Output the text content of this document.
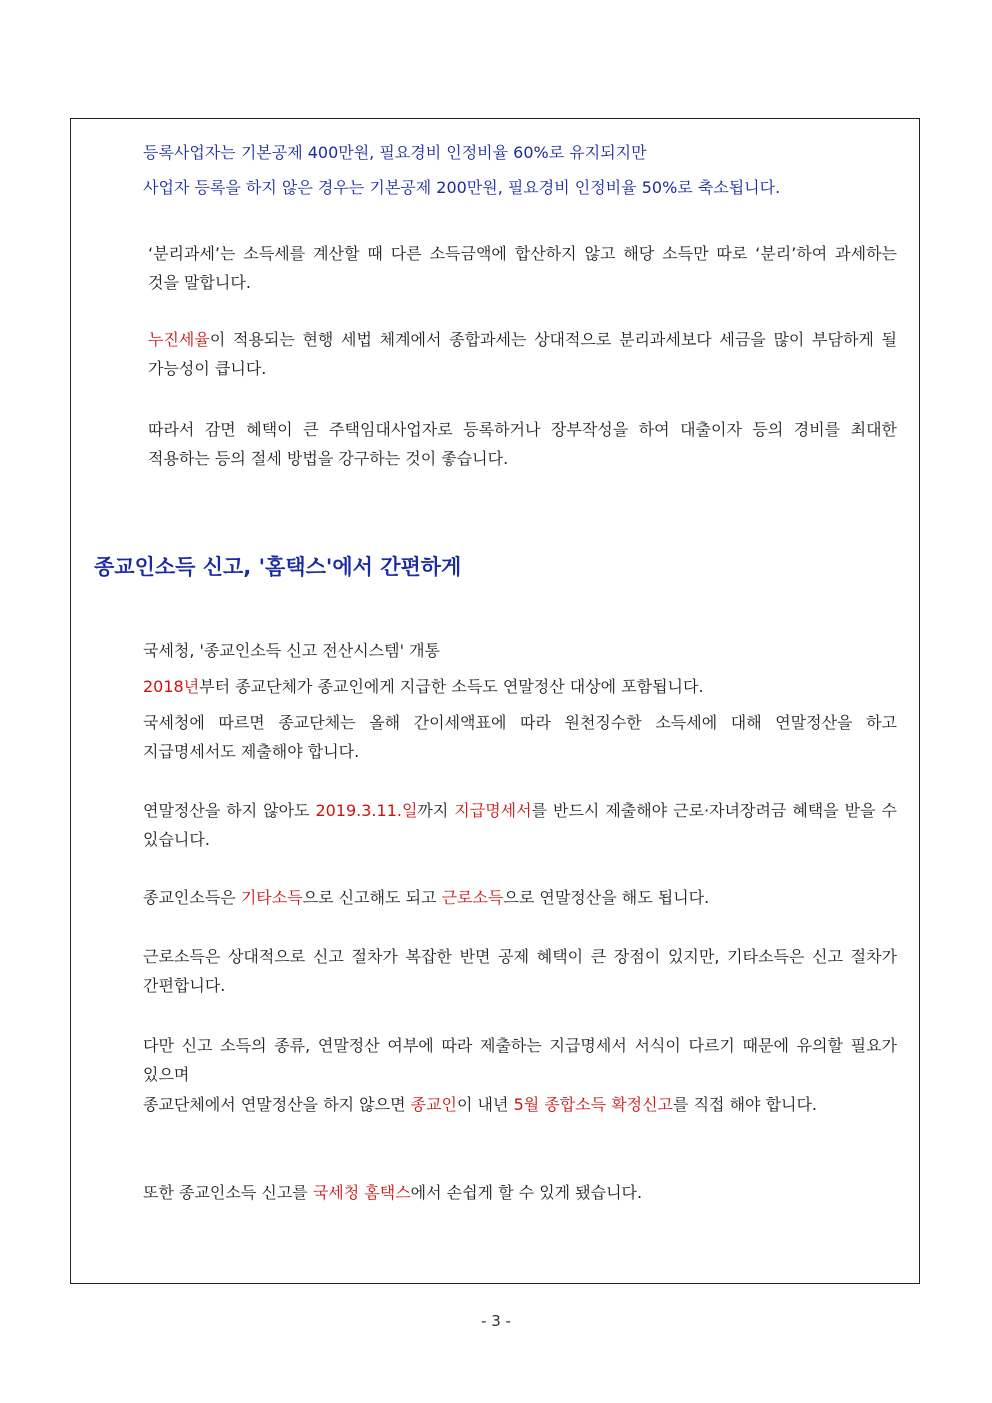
등록사업자는 기본공제 400만원, 필요경비 인정비율 60%로 유지되지만

사업자 등록을 하지 않은 경우는 기본공제 200만원, 필요경비 인정비율 50%로 축소됩니다.

‘분리과세’는 소득세를 계산할 때 다른 소득금액에 합산하지 않고 해당 소득만 따로 ‘분리’하여 과세하는 것을 말합니다.

누진세율이 적용되는 현행 세법 체계에서 종합과세는 상대적으로 분리과세보다 세금을 많이 부담하게 될 가능성이 큽니다.

따라서 감면 혜택이 큰 주택임대사업자로 등록하거나 장부작성을 하여 대출이자 등의 경비를 최대한 적용하는 등의 절세 방법을 강구하는 것이 좋습니다.

종교인소득 신고, '홈택스'에서 간편하게

국세청, '종교인소득 신고 전산시스템' 개통

2018년부터 종교단체가 종교인에게 지급한 소득도 연말정산 대상에 포함됩니다.

국세청에 따르면 종교단체는 올해 간이세액표에 따라 원천징수한 소득세에 대해 연말정산을 하고 지급명세서도 제출해야 합니다.

연말정산을 하지 않아도 2019.3.11.일까지 지급명세서를 반드시 제출해야 근로·자녀장려금 혜택을 받을 수 있습니다.

종교인소득은 기타소득으로 신고해도 되고 근로소득으로 연말정산을 해도 됩니다.

근로소득은 상대적으로 신고 절차가 복잡한 반면 공제 혜택이 큰 장점이 있지만, 기타소득은 신고 절차가 간편합니다.

다만 신고 소득의 종류, 연말정산 여부에 따라 제출하는 지급명세서 서식이 다르기 때문에 유의할 필요가 있으며

종교단체에서 연말정산을 하지 않으면 종교인이 내년 5월 종합소득 확정신고를 직접 해야 합니다.

또한 종교인소득 신고를 국세청 홈택스에서 손쉽게 할 수 있게 됐습니다.

- 3 -
